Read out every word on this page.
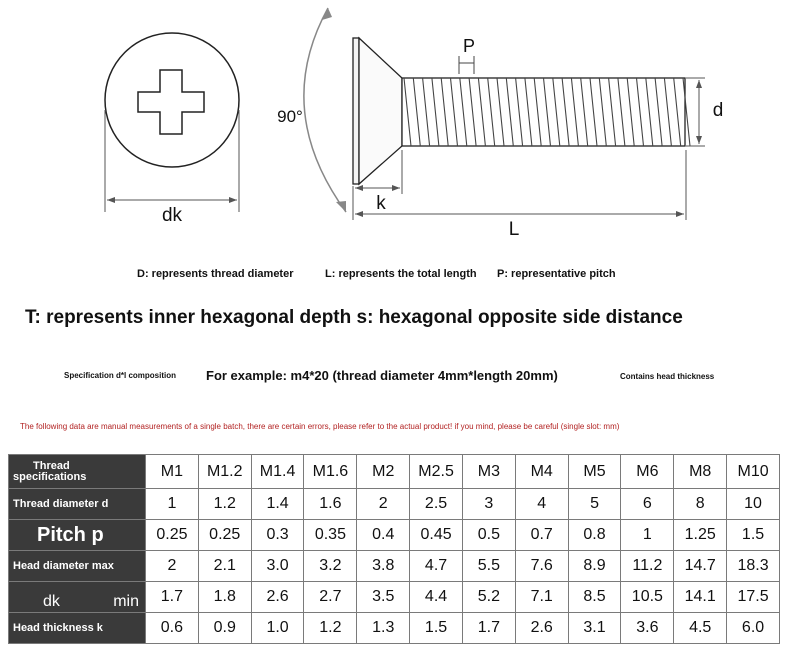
dk
90°
P
d
k
L
D: represents thread diameter	L: represents the total length P: representative pitch
T: represents inner hexagonal depth s: hexagonal opposite side distance
Specification d*l composition For example: m4*20 (thread diameter 4mm*length 20mm)	Contains head thickness
The following data are manual measurements of a single batch, there are certain errors, please refer to the actual product! if you mind, please be careful (single slot: mm)
Thread
specifications	M1	M1.2	M1.4	M1.6	M2	M2.5	M3	M4	M5	M6	M8	M10
Thread diameter d	1	1.2	1.4	1.6	2	2.5	3	4	5	6	8	10
Pitch p	0.25	0.25	0.3	0.35	0.4	0.45	0.5	0.7	0.8	1	1.25	1.5
Head diameter max	2	2.1	3.0	3.2	3.8	4.7	5.5	7.6	8.9	11.2	14.7	18.3

dk min	1.7	1.8	2.6	2.7	3.5	4.4	5.2	7.1	8.5	10.5	14.1	17.5
Head thickness k	0.6	0.9	1.0	1.2	1.3	1.5	1.7	2.6	3.1	3.6	4.5	6.0
